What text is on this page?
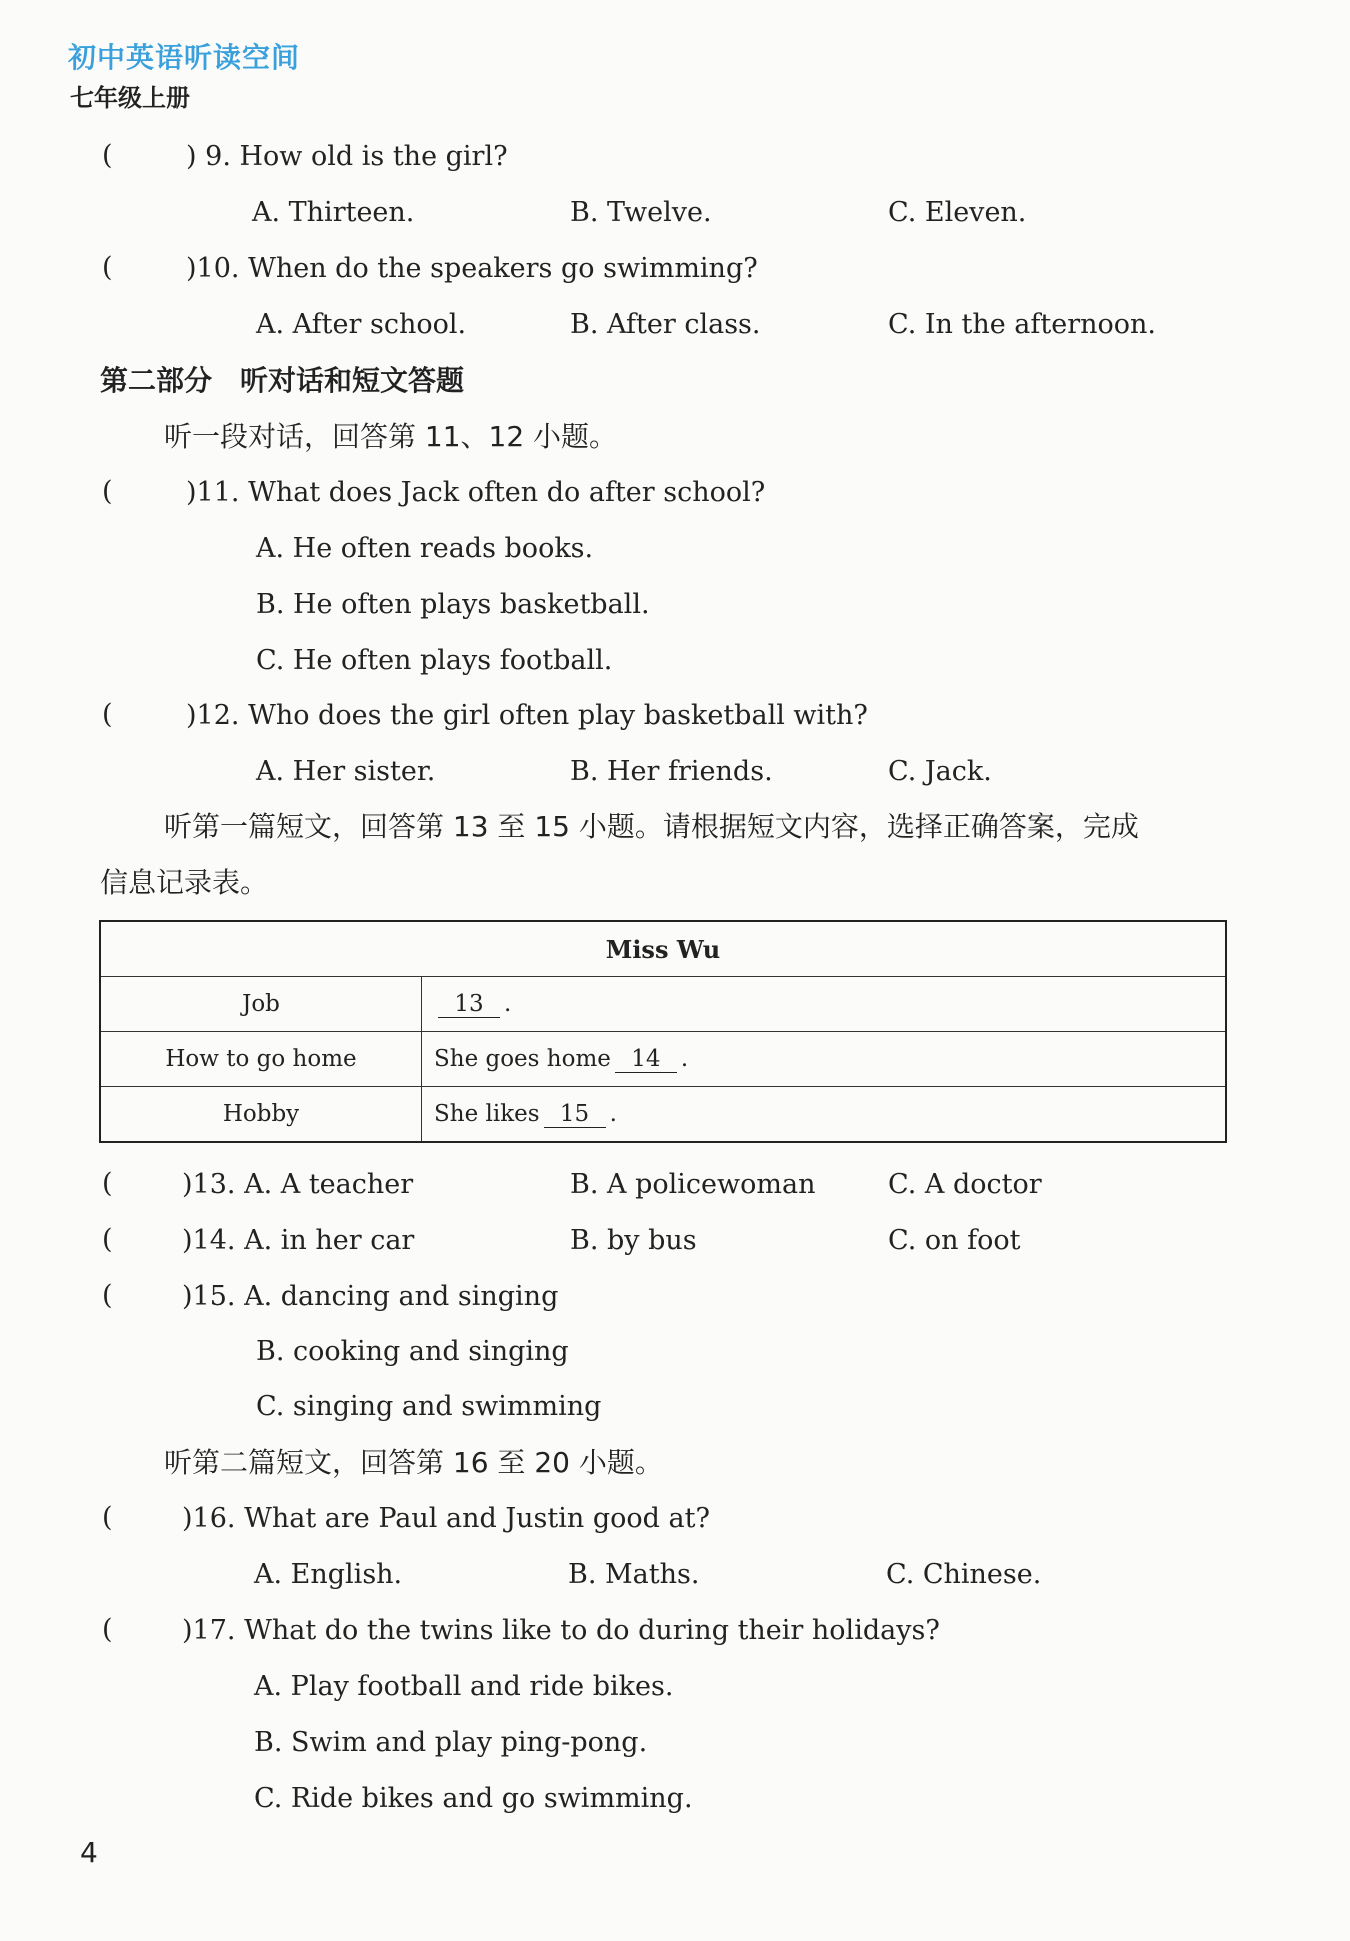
初中英语听读空间
七年级上册
(	) 9. How old is the girl?
A. Thirteen.	B. Twelve.	C. Eleven.
(	)10. When do the speakers go swimming?
A. After school.	B. After class.	C. In the afternoon.
第二部分　听对话和短文答题
听一段对话，回答第 11、12 小题。
(	)11. What does Jack often do after school?
A. He often reads books.
B. He often plays basketball.
C. He often plays football.
(	)12. Who does the girl often play basketball with?
A. Her sister.	B. Her friends.	C. Jack.
听第一篇短文，回答第 13 至 15 小题。请根据短文内容，选择正确答案，完成
信息记录表。
Miss Wu	
Job	13 .
How to go home	She goes home 14 .
Hobby	She likes 15 .
(	)13. A. A teacher	B. A policewoman	C. A doctor
(	)14. A. in her car	B. by bus	C. on foot
(	)15. A. dancing and singing
B. cooking and singing
C. singing and swimming
听第二篇短文，回答第 16 至 20 小题。
(	)16. What are Paul and Justin good at?
A. English.	B. Maths.	C. Chinese.
(	)17. What do the twins like to do during their holidays?
A. Play football and ride bikes.
B. Swim and play ping-pong.
C. Ride bikes and go swimming.
4
